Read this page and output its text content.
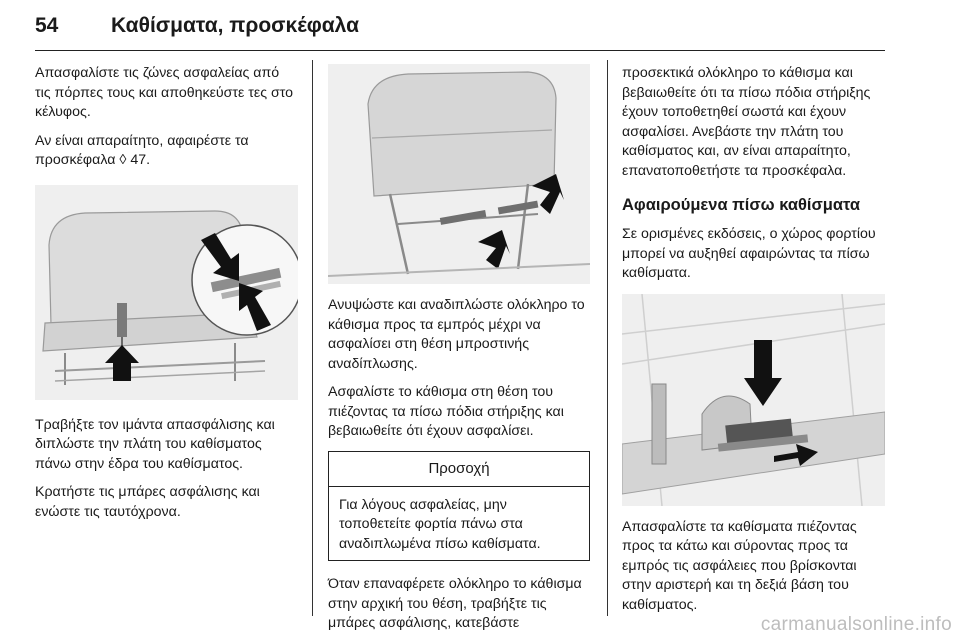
54	Καθίσματα, προσκέφαλα

Απασφαλίστε τις ζώνες ασφαλείας από τις πόρπες τους και αποθηκεύστε τες στο κέλυφος.

Αν είναι απαραίτητο, αφαιρέστε τα προσκέφαλα ◊ 47.

Τραβήξτε τον ιμάντα απασφάλισης και διπλώστε την πλάτη του καθίσματος πάνω στην έδρα του καθίσματος.

Κρατήστε τις μπάρες ασφάλισης και ενώστε τις ταυτόχρονα.

Ανυψώστε και αναδιπλώστε ολόκληρο το κάθισμα προς τα εμπρός μέχρι να ασφαλίσει στη θέση μπροστινής αναδίπλωσης.

Ασφαλίστε το κάθισμα στη θέση του πιέζοντας τα πίσω πόδια στήριξης και βεβαιωθείτε ότι έχουν ασφαλίσει.

Προσοχή
Για λόγους ασφαλείας, μην τοποθετείτε φορτία πάνω στα αναδιπλωμένα πίσω καθίσματα.

Όταν επαναφέρετε ολόκληρο το κάθισμα στην αρχική του θέση, τραβήξτε τις μπάρες ασφάλισης, κατεβάστε

προσεκτικά ολόκληρο το κάθισμα και βεβαιωθείτε ότι τα πίσω πόδια στήριξης έχουν τοποθετηθεί σωστά και έχουν ασφαλίσει. Ανεβάστε την πλάτη του καθίσματος και, αν είναι απαραίτητο, επανατοποθετήστε τα προσκέφαλα.

Αφαιρούμενα πίσω καθίσματα

Σε ορισμένες εκδόσεις, ο χώρος φορτίου μπορεί να αυξηθεί αφαιρώντας τα πίσω καθίσματα.

Απασφαλίστε τα καθίσματα πιέζοντας προς τα κάτω και σύροντας προς τα εμπρός τις ασφάλειες που βρίσκονται στην αριστερή και τη δεξιά βάση του καθίσματος.

carmanualsonline.info
